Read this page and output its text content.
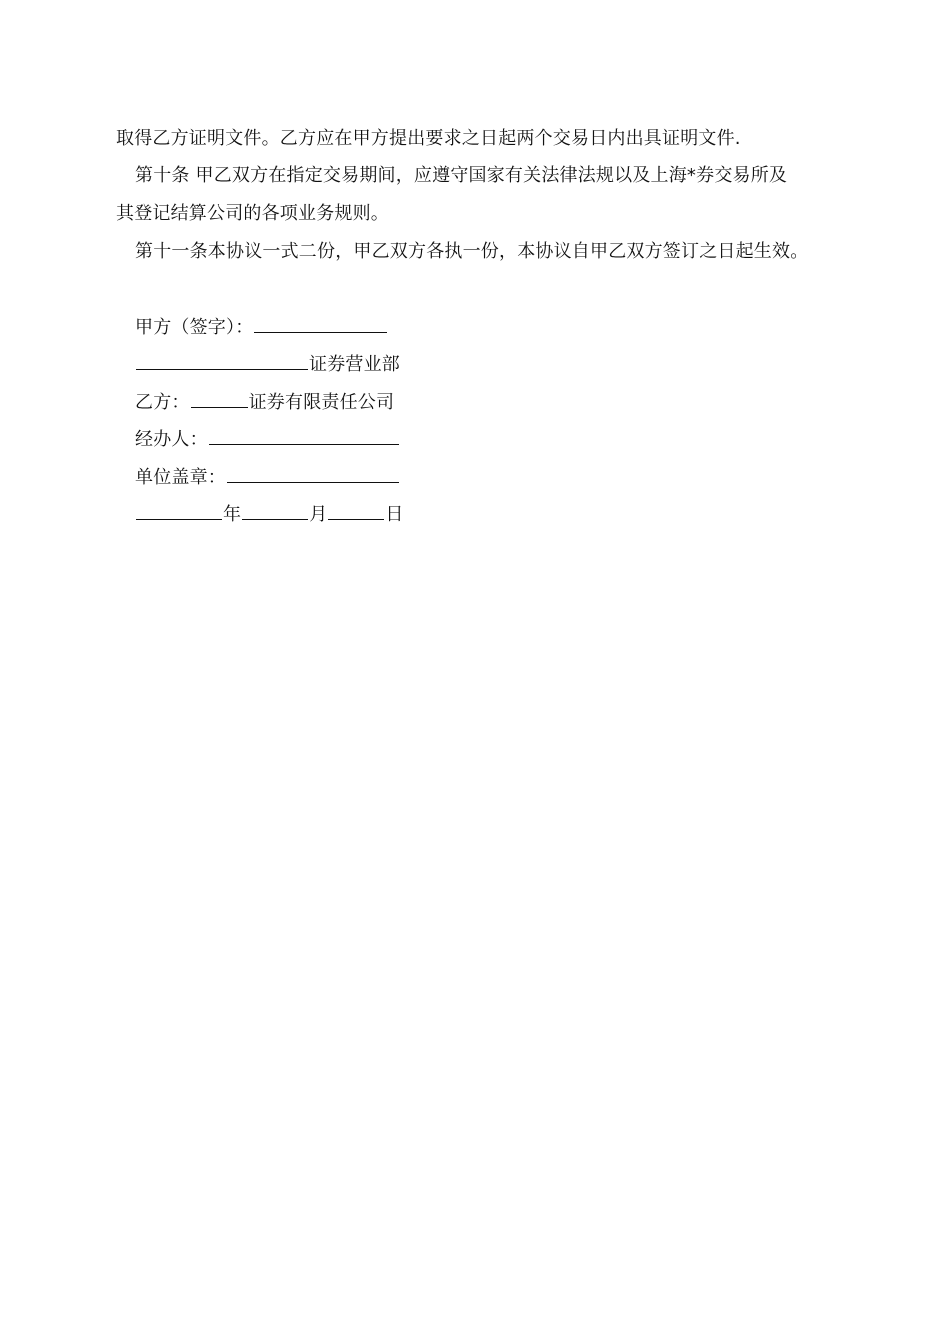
取得乙方证明文件。乙方应在甲方提出要求之日起两个交易日内出具证明文件.
第十条 甲乙双方在指定交易期间，应遵守国家有关法律法规以及上海*券交易所及
其登记结算公司的各项业务规则。
第十一条本协议一式二份，甲乙双方各执一份，本协议自甲乙双方签订之日起生效。
甲方（签字）：
证券营业部
乙方：	证券有限责任公司
经办人：
单位盖章：
年	月	日
